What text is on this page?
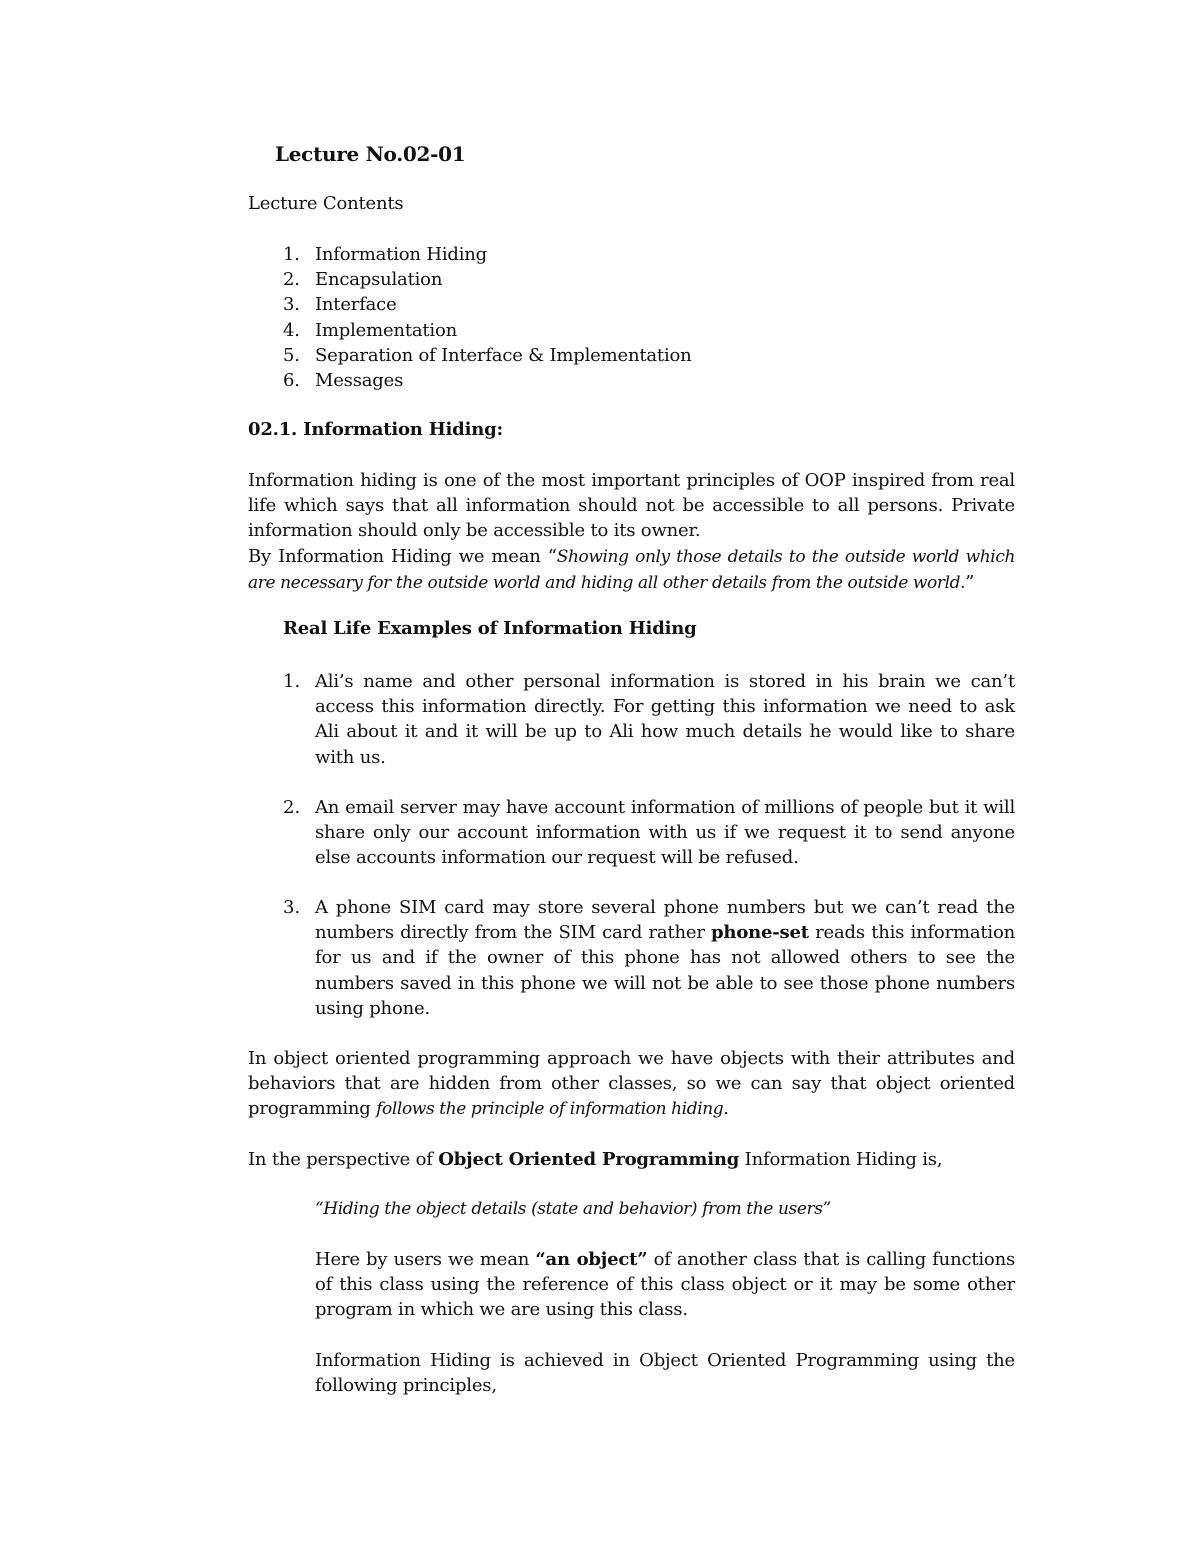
Lecture No.02-01

Lecture Contents

1. Information Hiding
2. Encapsulation
3. Interface
4. Implementation
5. Separation of Interface & Implementation
6. Messages
02.1. Information Hiding:

Information hiding is one of the most important principles of OOP inspired from real life which says that all information should not be accessible to all persons. Private information should only be accessible to its owner.
By Information Hiding we mean “Showing only those details to the outside world which are necessary for the outside world and hiding all other details from the outside world.”

Real Life Examples of Information Hiding
1. Ali’s name and other personal information is stored in his brain we can’t access this information directly. For getting this information we need to ask Ali about it and it will be up to Ali how much details he would like to share with us.

2. An email server may have account information of millions of people but it will share only our account information with us if we request it to send anyone else accounts information our request will be refused.

3. A phone SIM card may store several phone numbers but we can’t read the numbers directly from the SIM card rather phone-set reads this information for us and if the owner of this phone has not allowed others to see the numbers saved in this phone we will not be able to see those phone numbers using phone.

In object oriented programming approach we have objects with their attributes and behaviors that are hidden from other classes, so we can say that object oriented programming follows the principle of information hiding.

In the perspective of Object Oriented Programming Information Hiding is,

“Hiding the object details (state and behavior) from the users”

Here by users we mean “an object” of another class that is calling functions of this class using the reference of this class object or it may be some other program in which we are using this class.

Information Hiding is achieved in Object Oriented Programming using the following principles,
